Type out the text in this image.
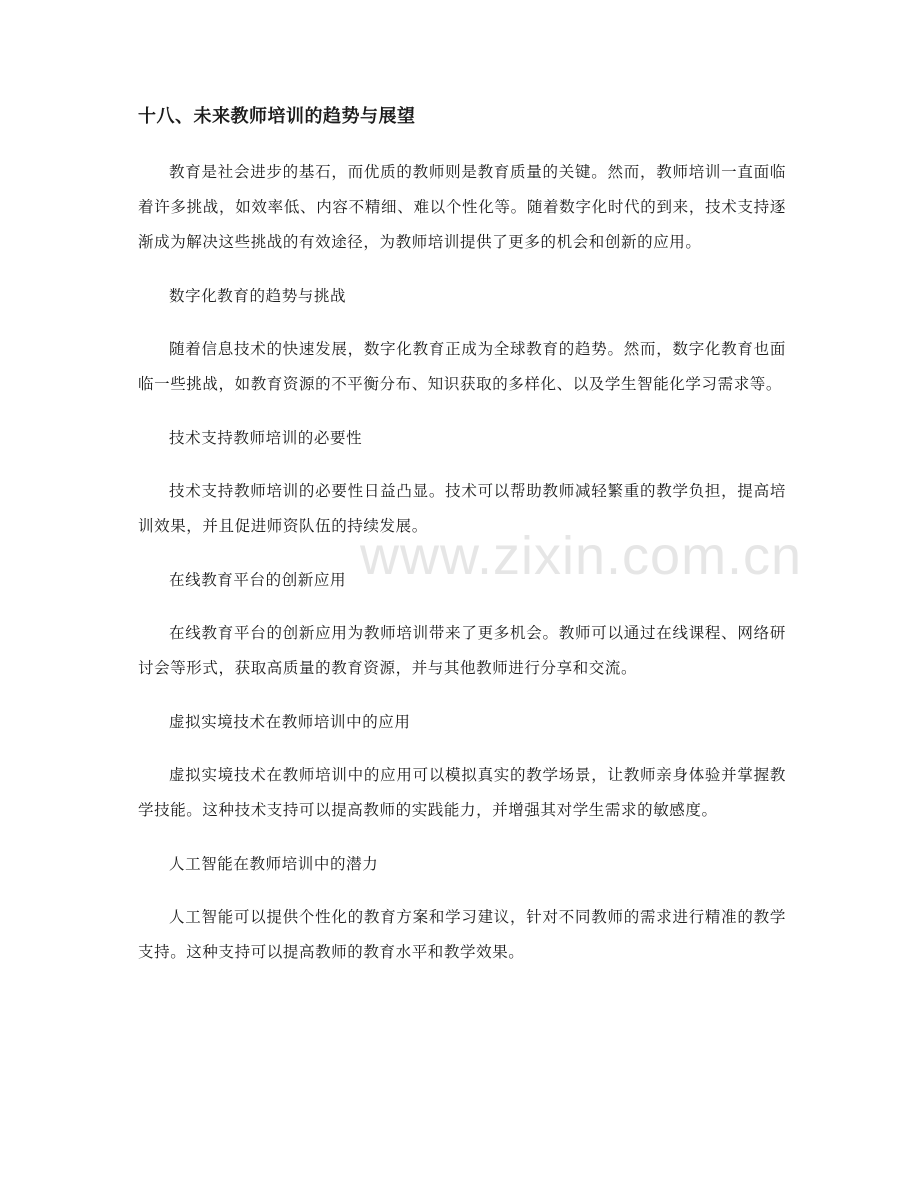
www.zixin.com.cn
十八、未来教师培训的趋势与展望

教育是社会进步的基石，而优质的教师则是教育质量的关键。然而，教师培训一直面临着许多挑战，如效率低、内容不精细、难以个性化等。随着数字化时代的到来，技术支持逐渐成为解决这些挑战的有效途径，为教师培训提供了更多的机会和创新的应用。

数字化教育的趋势与挑战

随着信息技术的快速发展，数字化教育正成为全球教育的趋势。然而，数字化教育也面临一些挑战，如教育资源的不平衡分布、知识获取的多样化、以及学生智能化学习需求等。

技术支持教师培训的必要性

技术支持教师培训的必要性日益凸显。技术可以帮助教师减轻繁重的教学负担，提高培训效果，并且促进师资队伍的持续发展。

在线教育平台的创新应用

在线教育平台的创新应用为教师培训带来了更多机会。教师可以通过在线课程、网络研讨会等形式，获取高质量的教育资源，并与其他教师进行分享和交流。

虚拟实境技术在教师培训中的应用

虚拟实境技术在教师培训中的应用可以模拟真实的教学场景，让教师亲身体验并掌握教学技能。这种技术支持可以提高教师的实践能力，并增强其对学生需求的敏感度。

人工智能在教师培训中的潜力

人工智能可以提供个性化的教育方案和学习建议，针对不同教师的需求进行精准的教学支持。这种支持可以提高教师的教育水平和教学效果。
